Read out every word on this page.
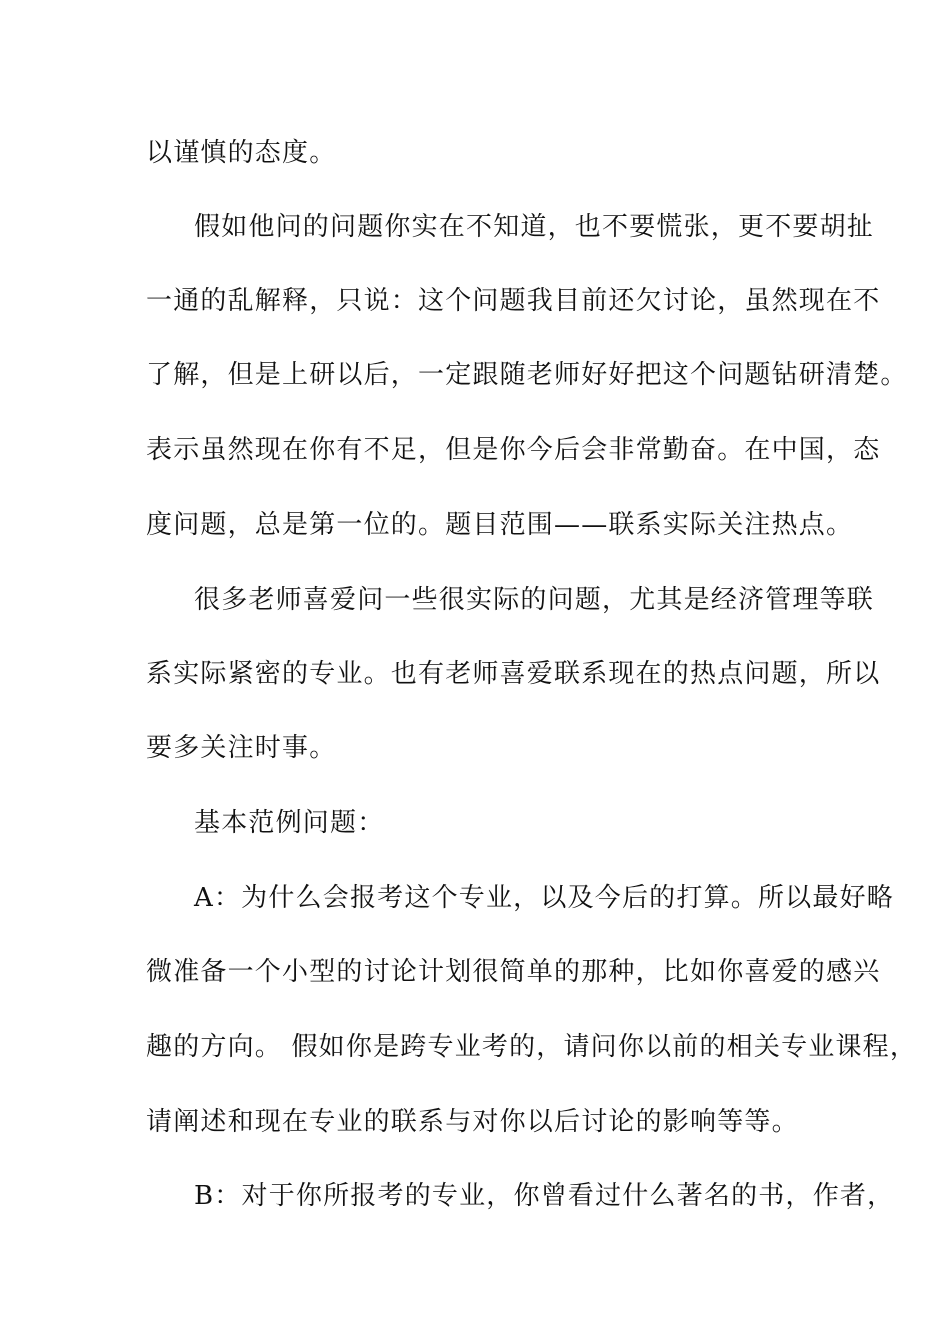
以谨慎的态度。
假如他问的问题你实在不知道，也不要慌张，更不要胡扯
一通的乱解释，只说：这个问题我目前还欠讨论，虽然现在不
了解，但是上研以后，一定跟随老师好好把这个问题钻研清楚。
表示虽然现在你有不足，但是你今后会非常勤奋。在中国，态
度问题，总是第一位的。题目范围——联系实际关注热点。
很多老师喜爱问一些很实际的问题，尤其是经济管理等联
系实际紧密的专业。也有老师喜爱联系现在的热点问题，所以
要多关注时事。
基本范例问题：
A：为什么会报考这个专业，以及今后的打算。所以最好略
微准备一个小型的讨论计划很简单的那种，比如你喜爱的感兴
趣的方向。 假如你是跨专业考的，请问你以前的相关专业课程，
请阐述和现在专业的联系与对你以后讨论的影响等等。
B：对于你所报考的专业，你曾看过什么著名的书，作者，
